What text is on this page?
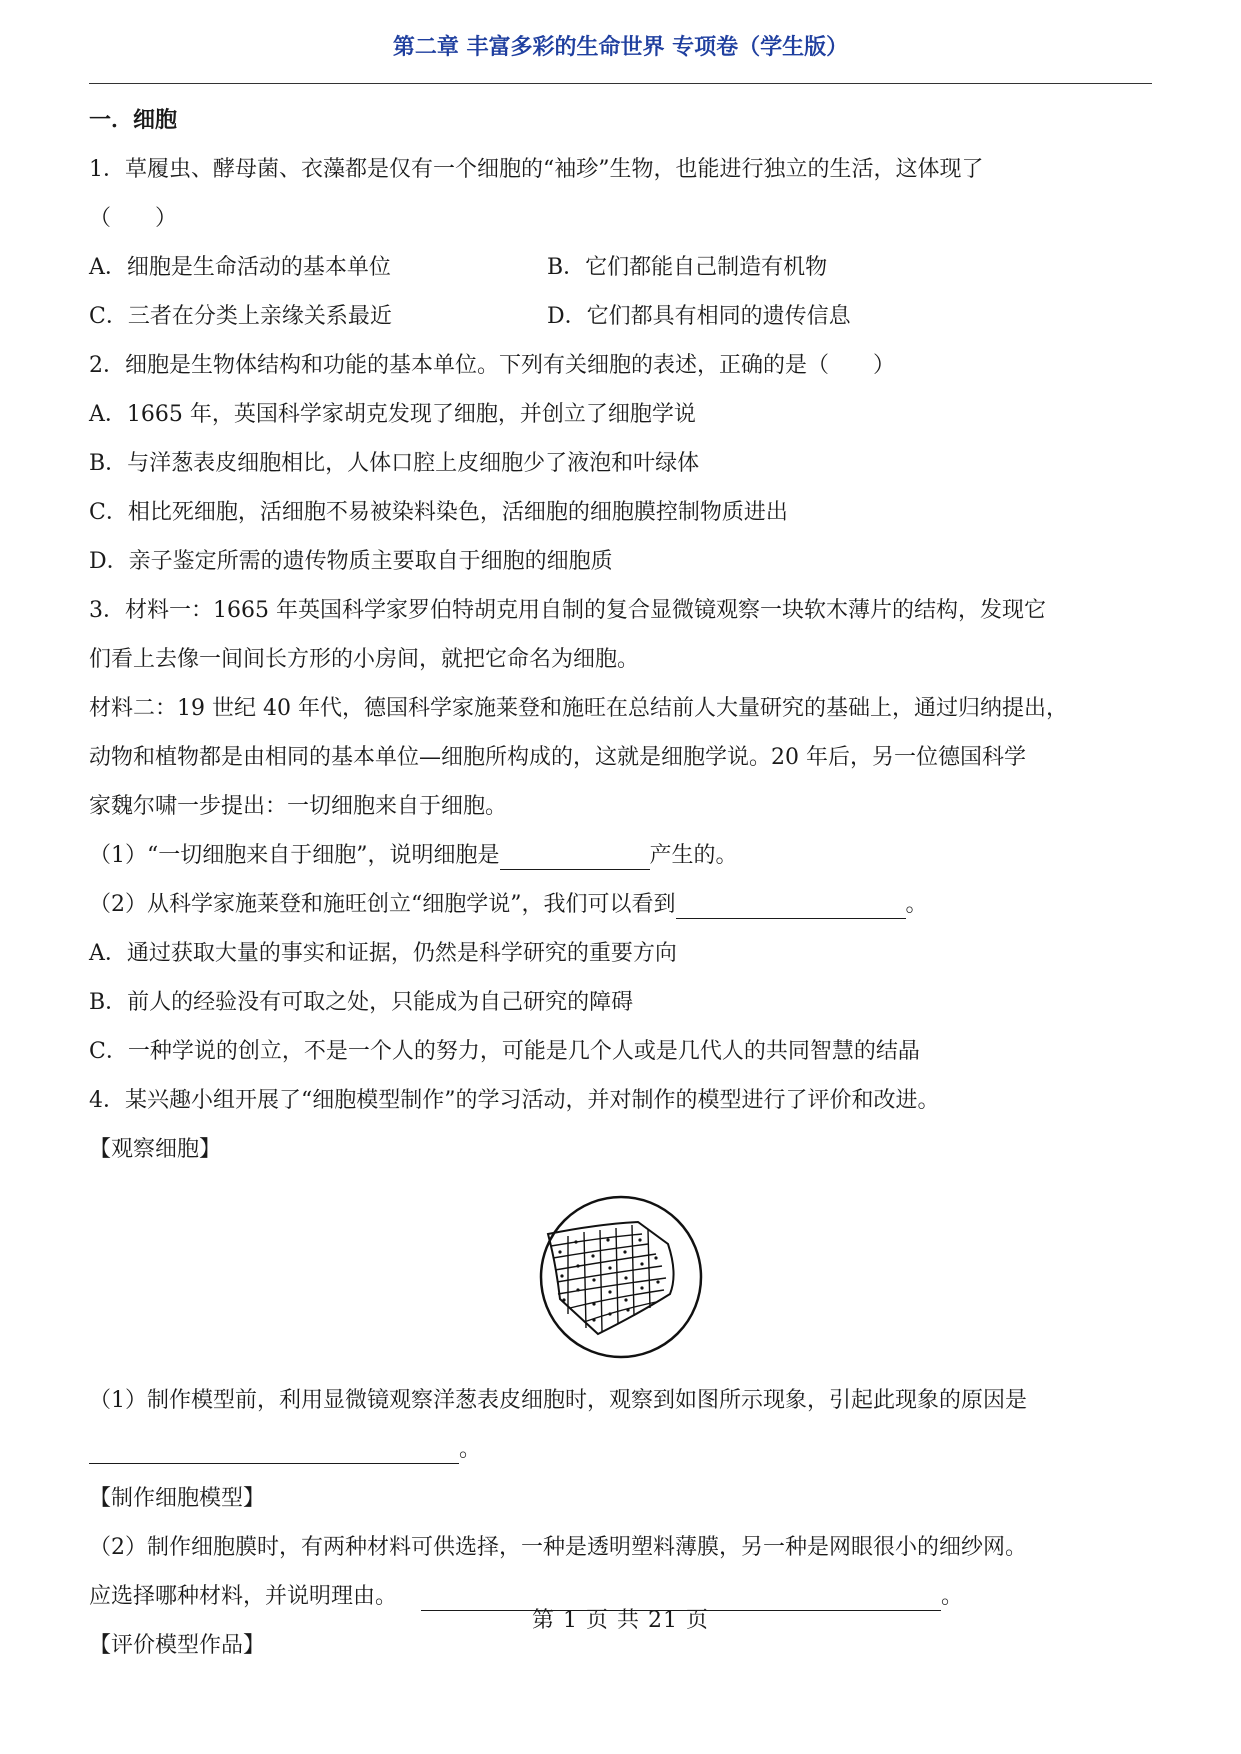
第二章 丰富多彩的生命世界 专项卷（学生版）
一．细胞
1．草履虫、酵母菌、衣藻都是仅有一个细胞的“袖珍”生物，也能进行独立的生活，这体现了
（　　）
A．细胞是生命活动的基本单位	B．它们都能自己制造有机物
C．三者在分类上亲缘关系最近	D．它们都具有相同的遗传信息
2．细胞是生物体结构和功能的基本单位。下列有关细胞的表述，正确的是（　　）
A．1665 年，英国科学家胡克发现了细胞，并创立了细胞学说
B．与洋葱表皮细胞相比，人体口腔上皮细胞少了液泡和叶绿体
C．相比死细胞，活细胞不易被染料染色，活细胞的细胞膜控制物质进出
D．亲子鉴定所需的遗传物质主要取自于细胞的细胞质
3．材料一：1665 年英国科学家罗伯特胡克用自制的复合显微镜观察一块软木薄片的结构，发现它
们看上去像一间间长方形的小房间，就把它命名为细胞。
材料二：19 世纪 40 年代，德国科学家施莱登和施旺在总结前人大量研究的基础上，通过归纳提出，
动物和植物都是由相同的基本单位—细胞所构成的，这就是细胞学说。20 年后，另一位德国科学
家魏尔啸一步提出：一切细胞来自于细胞。
（1）“一切细胞来自于细胞”，说明细胞是	产生的。
（2）从科学家施莱登和施旺创立“细胞学说”，我们可以看到	。
A．通过获取大量的事实和证据，仍然是科学研究的重要方向
B．前人的经验没有可取之处，只能成为自己研究的障碍
C．一种学说的创立，不是一个人的努力，可能是几个人或是几代人的共同智慧的结晶
4．某兴趣小组开展了“细胞模型制作”的学习活动，并对制作的模型进行了评价和改进。
【观察细胞】
（1）制作模型前，利用显微镜观察洋葱表皮细胞时，观察到如图所示现象，引起此现象的原因是
。
【制作细胞模型】
（2）制作细胞膜时，有两种材料可供选择，一种是透明塑料薄膜，另一种是网眼很小的细纱网。
应选择哪种材料，并说明理由。	。
【评价模型作品】
第 1 页 共 21 页
